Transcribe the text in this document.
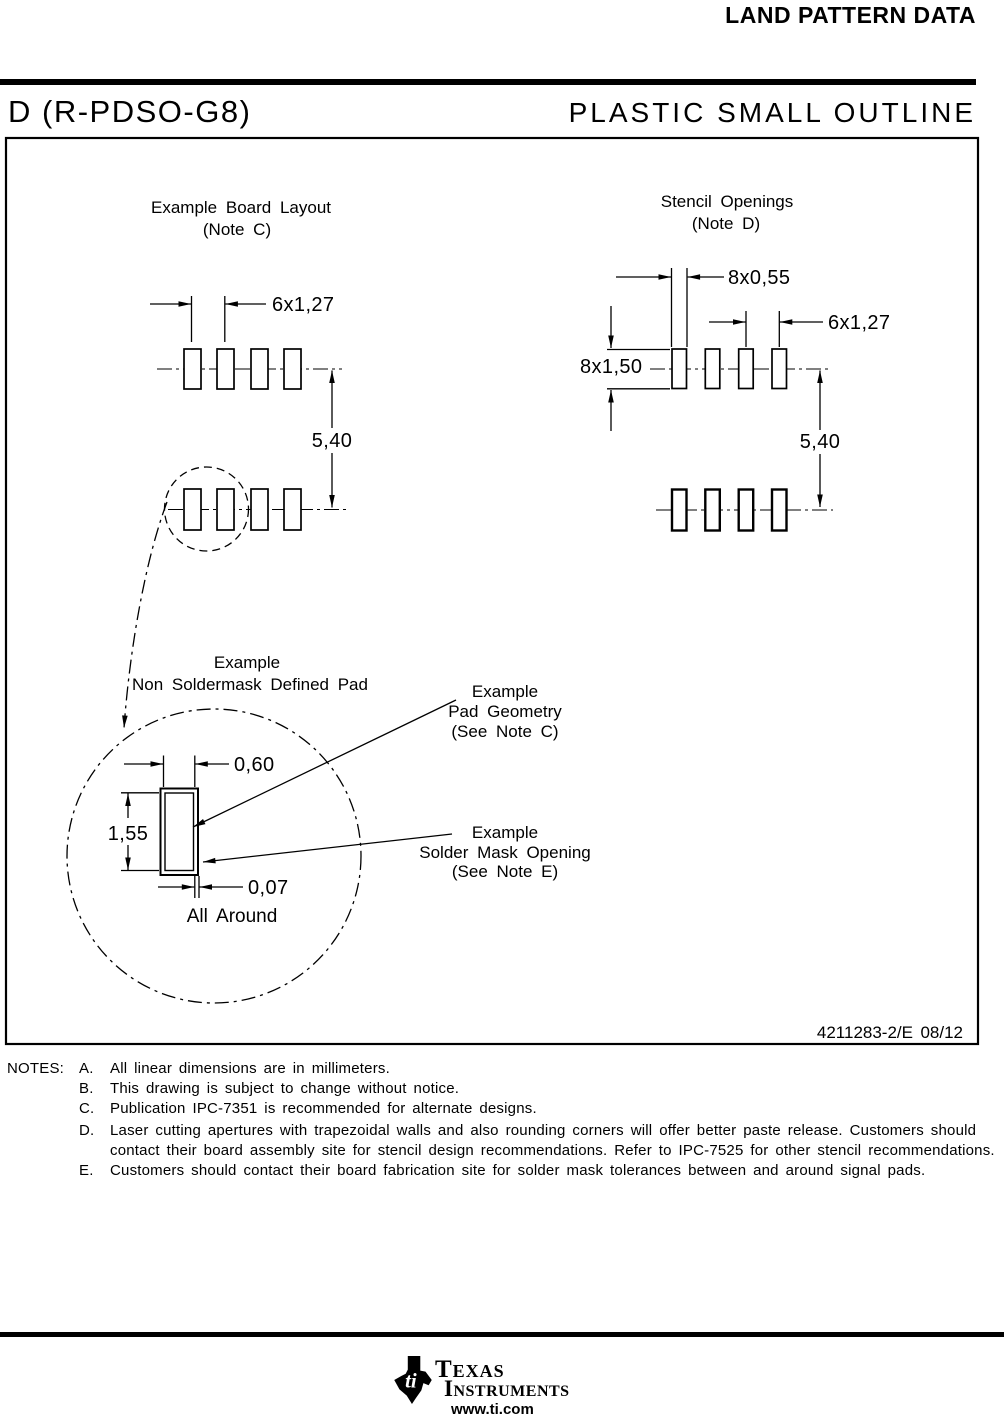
LAND PATTERN DATA
D (R-PDSO-G8)	PLASTIC SMALL OUTLINE
Example Board Layout
(Note C)
6x1,27
5,40
Stencil Openings
(Note D)
8x0,55
6x1,27
8x1,50
5,40
Example
Non Soldermask Defined Pad
0,60
1,55
0,07
All Around
Example
Pad Geometry
(See Note C)
Example
Solder Mask Opening
(See Note E)
4211283-2/E 08/12
NOTES: A. All linear dimensions are in millimeters.
B. This drawing is subject to change without notice.
C. Publication IPC-7351 is recommended for alternate designs.
D. Laser cutting apertures with trapezoidal walls and also rounding corners will offer better paste release. Customers should contact their board assembly site for stencil design recommendations. Refer to IPC-7525 for other stencil recommendations.
E. Customers should contact their board fabrication site for solder mask tolerances between and around signal pads.
ti Texas
Instruments
www.ti.com
